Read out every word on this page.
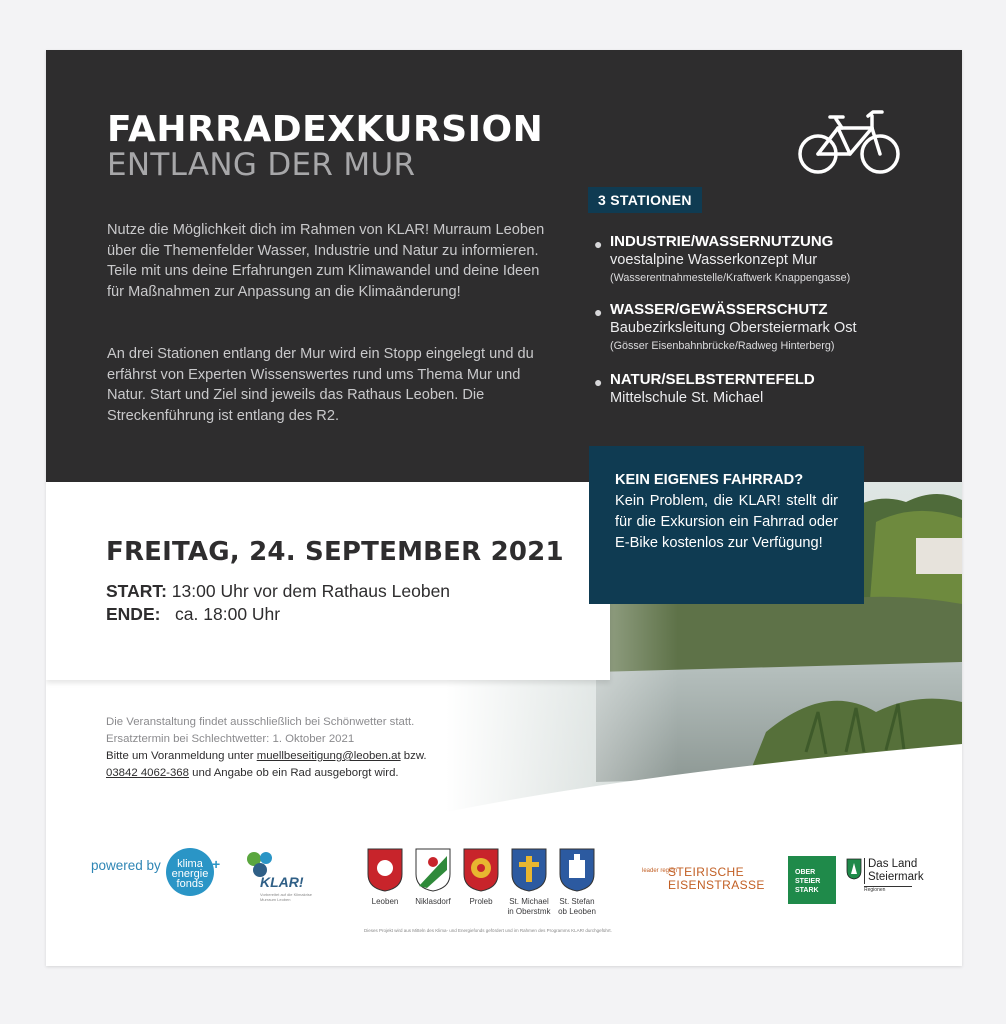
FAHRRADEXKURSION
ENTLANG DER MUR

Nutze die Möglichkeit dich im Rahmen von KLAR! Murraum Leoben über die Themenfelder Wasser, Industrie und Natur zu informieren. Teile mit uns deine Erfahrungen zum Klimawandel und deine Ideen für Maßnahmen zur Anpassung an die Klimaänderung!

An drei Stationen entlang der Mur wird ein Stopp eingelegt und du erfährst von Experten Wissenswertes rund ums Thema Mur und Natur. Start und Ziel sind jeweils das Rathaus Leoben. Die Streckenführung ist entlang des R2.

3 STATIONEN
● INDUSTRIE/WASSERNUTZUNG
voestalpine Wasserkonzept Mur
(Wasserentnahmestelle/Kraftwerk Knappengasse)
● WASSER/GEWÄSSERSCHUTZ
Baubezirksleitung Obersteiermark Ost
(Gösser Eisenbahnbrücke/Radweg Hinterberg)
● NATUR/SELBSTERNTEFELD
Mittelschule St. Michael
FREITAG, 24. SEPTEMBER 2021
START: 13:00 Uhr vor dem Rathaus Leoben
ENDE: ca. 18:00 Uhr
KEIN EIGENES FAHRRAD?
Kein Problem, die KLAR! stellt dir für die Exkursion ein Fahrrad oder E-Bike kostenlos zur Verfügung!
Die Veranstaltung findet ausschließlich bei Schönwetter statt.
Ersatztermin bei Schlechtwetter: 1. Oktober 2021
Bitte um Voranmeldung unter muellbeseitigung@leoben.at bzw.
03842 4062-368 und Angabe ob ein Rad ausgeborgt wird.
powered by	klima energie fonds
+
KLAR!
Vorbereitet auf die Klimakrise Murraum Leoben	Leoben	Niklasdorf	Proleb	St. Michael
in Oberstmk
St. Stefan
ob Leoben
leader region
STEIRISCHE EISENSTRASSE
OBER STEIER STARK
Das Land Steiermark
Regionen
Dieses Projekt wird aus Mitteln des Klima- und Energiefonds gefördert und im Rahmen des Programms KLAR! durchgeführt.
